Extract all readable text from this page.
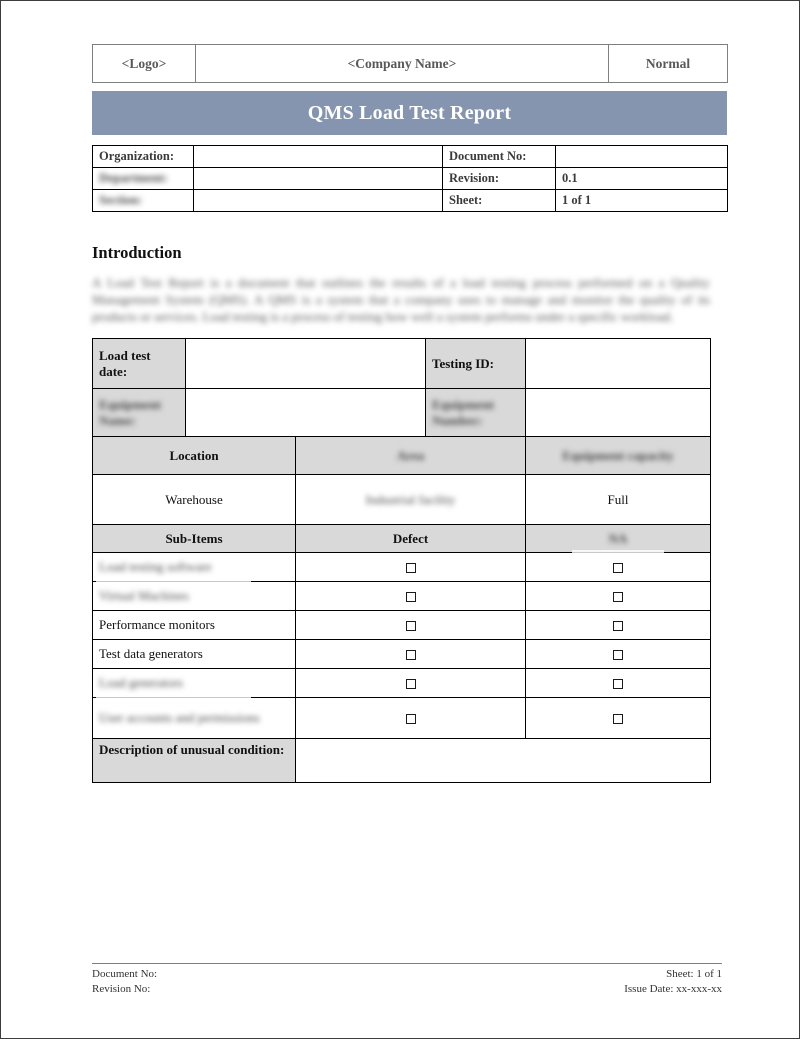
<Logo>	<Company Name>	Normal
QMS Load Test Report
Organization:		Document No:	
Department:		Revision:	0.1
Section:		Sheet:	1 of 1
Introduction
A Load Test Report is a document that outlines the results of a load testing process performed on a Quality Management System (QMS). A QMS is a system that a company uses to manage and monitor the quality of its products or services. Load testing is a process of testing how well a system performs under a specific workload.
Load test date:		Testing ID:	
Equipment Name:		Equipment Number:	
Location	Area	Equipment capacity
Warehouse	Industrial facility	Full
Sub-Items	Defect	NA
Load testing software		
Virtual Machines		
Performance monitors		
Test data generators		
Load generators		
User accounts and permissions		
Description of unusual condition:		
Document No:
Revision No:
Sheet: 1 of 1
Issue Date: xx-xxx-xx
